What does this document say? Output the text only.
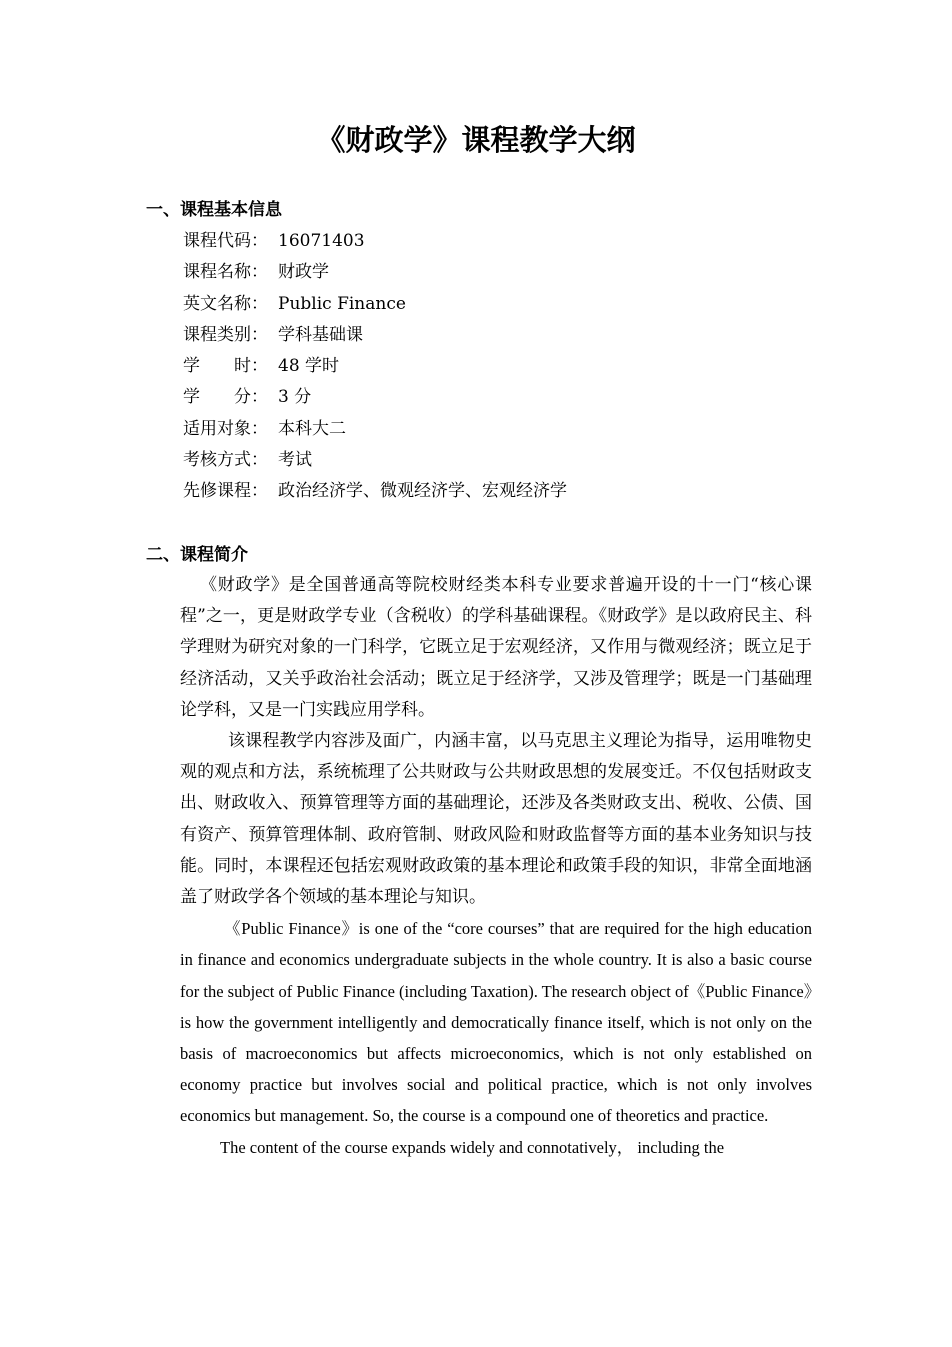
《财政学》课程教学大纲
一、课程基本信息
课程代码： 16071403
课程名称： 财政学
英文名称： Public Finance
课程类别： 学科基础课
学　　时： 48 学时
学　　分： 3 分
适用对象： 本科大二
考核方式： 考试
先修课程： 政治经济学、微观经济学、宏观经济学
二、课程简介

《财政学》是全国普通高等院校财经类本科专业要求普遍开设的十一门“核心课程”之一，更是财政学专业（含税收）的学科基础课程。《财政学》是以政府民主、科学理财为研究对象的一门科学，它既立足于宏观经济，又作用与微观经济；既立足于经济活动，又关乎政治社会活动；既立足于经济学，又涉及管理学；既是一门基础理论学科，又是一门实践应用学科。

该课程教学内容涉及面广，内涵丰富，以马克思主义理论为指导，运用唯物史观的观点和方法，系统梳理了公共财政与公共财政思想的发展变迁。不仅包括财政支出、财政收入、预算管理等方面的基础理论，还涉及各类财政支出、税收、公债、国有资产、预算管理体制、政府管制、财政风险和财政监督等方面的基本业务知识与技能。同时，本课程还包括宏观财政政策的基本理论和政策手段的知识，非常全面地涵盖了财政学各个领域的基本理论与知识。

《Public Finance》is one of the “core courses” that are required for the high education in finance and economics undergraduate subjects in the whole country. It is also a basic course for the subject of Public Finance (including Taxation). The research object of《Public Finance》is how the government intelligently and democratically finance itself, which is not only on the basis of macroeconomics but affects microeconomics, which is not only established on economy practice but involves social and political practice, which is not only involves economics but management. So, the course is a compound one of theoretics and practice.

The content of the course expands widely and connotatively， including the
